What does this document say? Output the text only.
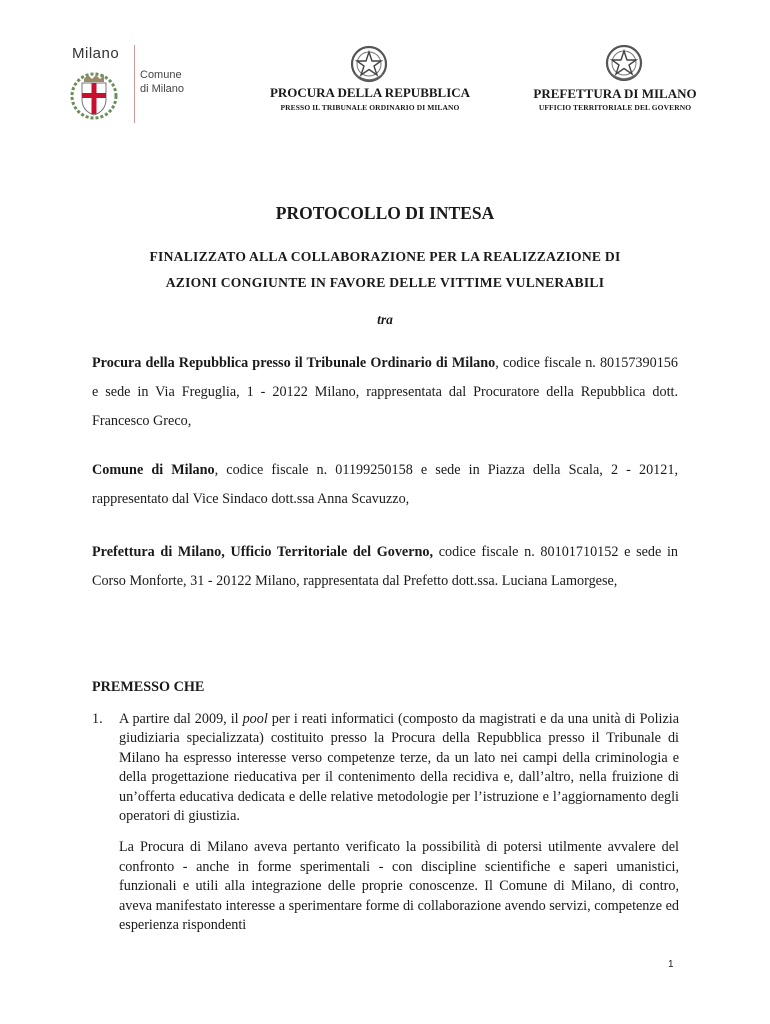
Milano
Comune
di Milano	PROCURA DELLA REPUBBLICA
PRESSO IL TRIBUNALE ORDINARIO DI MILANO
PREFETTURA DI MILANO
UFFICIO TERRITORIALE DEL GOVERNO
PROTOCOLLO DI INTESA
FINALIZZATO ALLA COLLABORAZIONE PER LA REALIZZAZIONE DI
AZIONI CONGIUNTE IN FAVORE DELLE VITTIME VULNERABILI
tra
Procura della Repubblica presso il Tribunale Ordinario di Milano, codice fiscale n. 80157390156 e sede in Via Freguglia, 1 - 20122 Milano, rappresentata dal Procuratore della Repubblica dott. Francesco Greco,
Comune di Milano, codice fiscale n. 01199250158 e sede in Piazza della Scala, 2 - 20121, rappresentato dal Vice Sindaco dott.ssa Anna Scavuzzo,
Prefettura di Milano, Ufficio Territoriale del Governo, codice fiscale n. 80101710152 e sede in Corso Monforte, 31 - 20122 Milano, rappresentata dal Prefetto dott.ssa. Luciana Lamorgese,
PREMESSO CHE
1. A partire dal 2009, il pool per i reati informatici (composto da magistrati e da una unità di Polizia giudiziaria specializzata) costituito presso la Procura della Repubblica presso il Tribunale di Milano ha espresso interesse verso competenze terze, da un lato nei campi della criminologia e della progettazione rieducativa per il contenimento della recidiva e, dall’altro, nella fruizione di un’offerta educativa dedicata e delle relative metodologie per l’istruzione e l’aggiornamento degli operatori di giustizia.

La Procura di Milano aveva pertanto verificato la possibilità di potersi utilmente avvalere del confronto - anche in forme sperimentali - con discipline scientifiche e saperi umanistici, funzionali e utili alla integrazione delle proprie conoscenze. Il Comune di Milano, di contro, aveva manifestato interesse a sperimentare forme di collaborazione avendo servizi, competenze ed esperienza rispondenti

1
